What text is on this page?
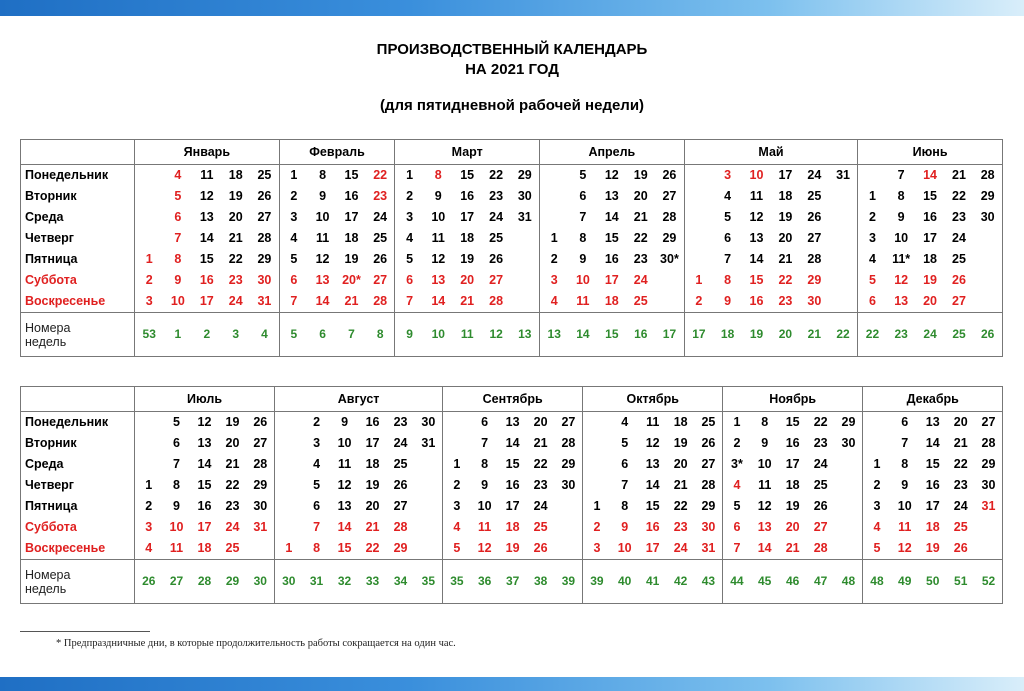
ПРОИЗВОДСТВЕННЫЙ КАЛЕНДАРЬ
НА 2021 ГОД
(для пятидневной рабочей недели)
	Январь					Февраль				Март					Апрель					Май						Июнь				
Понедельник		4	11	18	25	1	8	15	22	1	8	15	22	29		5	12	19	26		3	10	17	24	31		7	14	21	28
Вторник		5	12	19	26	2	9	16	23	2	9	16	23	30		6	13	20	27		4	11	18	25		1	8	15	22	29
Среда		6	13	20	27	3	10	17	24	3	10	17	24	31		7	14	21	28		5	12	19	26		2	9	16	23	30
Четверг		7	14	21	28	4	11	18	25	4	11	18	25		1	8	15	22	29		6	13	20	27		3	10	17	24	
Пятница	1	8	15	22	29	5	12	19	26	5	12	19	26		2	9	16	23	30*		7	14	21	28		4	11*	18	25	
Суббота	2	9	16	23	30	6	13	20*	27	6	13	20	27		3	10	17	24		1	8	15	22	29		5	12	19	26	
Воскресенье	3	10	17	24	31	7	14	21	28	7	14	21	28		4	11	18	25		2	9	16	23	30		6	13	20	27	

Номера
недель	53	1	2	3	4	5	6	7	8	9	10	11	12	13	13	14	15	16	17	17	18	19	20	21	22	22	23	24	25	26
	Июль					Август						Сентябрь					Октябрь					Ноябрь					Декабрь				
Понедельник		5	12	19	26		2	9	16	23	30		6	13	20	27		4	11	18	25	1	8	15	22	29		6	13	20	27
Вторник		6	13	20	27		3	10	17	24	31		7	14	21	28		5	12	19	26	2	9	16	23	30		7	14	21	28
Среда		7	14	21	28		4	11	18	25		1	8	15	22	29		6	13	20	27	3*	10	17	24		1	8	15	22	29
Четверг	1	8	15	22	29		5	12	19	26		2	9	16	23	30		7	14	21	28	4	11	18	25		2	9	16	23	30
Пятница	2	9	16	23	30		6	13	20	27		3	10	17	24		1	8	15	22	29	5	12	19	26		3	10	17	24	31
Суббота	3	10	17	24	31		7	14	21	28		4	11	18	25		2	9	16	23	30	6	13	20	27		4	11	18	25	
Воскресенье	4	11	18	25		1	8	15	22	29		5	12	19	26		3	10	17	24	31	7	14	21	28		5	12	19	26	

Номера
недель	26	27	28	29	30	30	31	32	33	34	35	35	36	37	38	39	39	40	41	42	43	44	45	46	47	48	48	49	50	51	52
* Предпраздничные дни, в которые продолжительность работы сокращается на один час.
